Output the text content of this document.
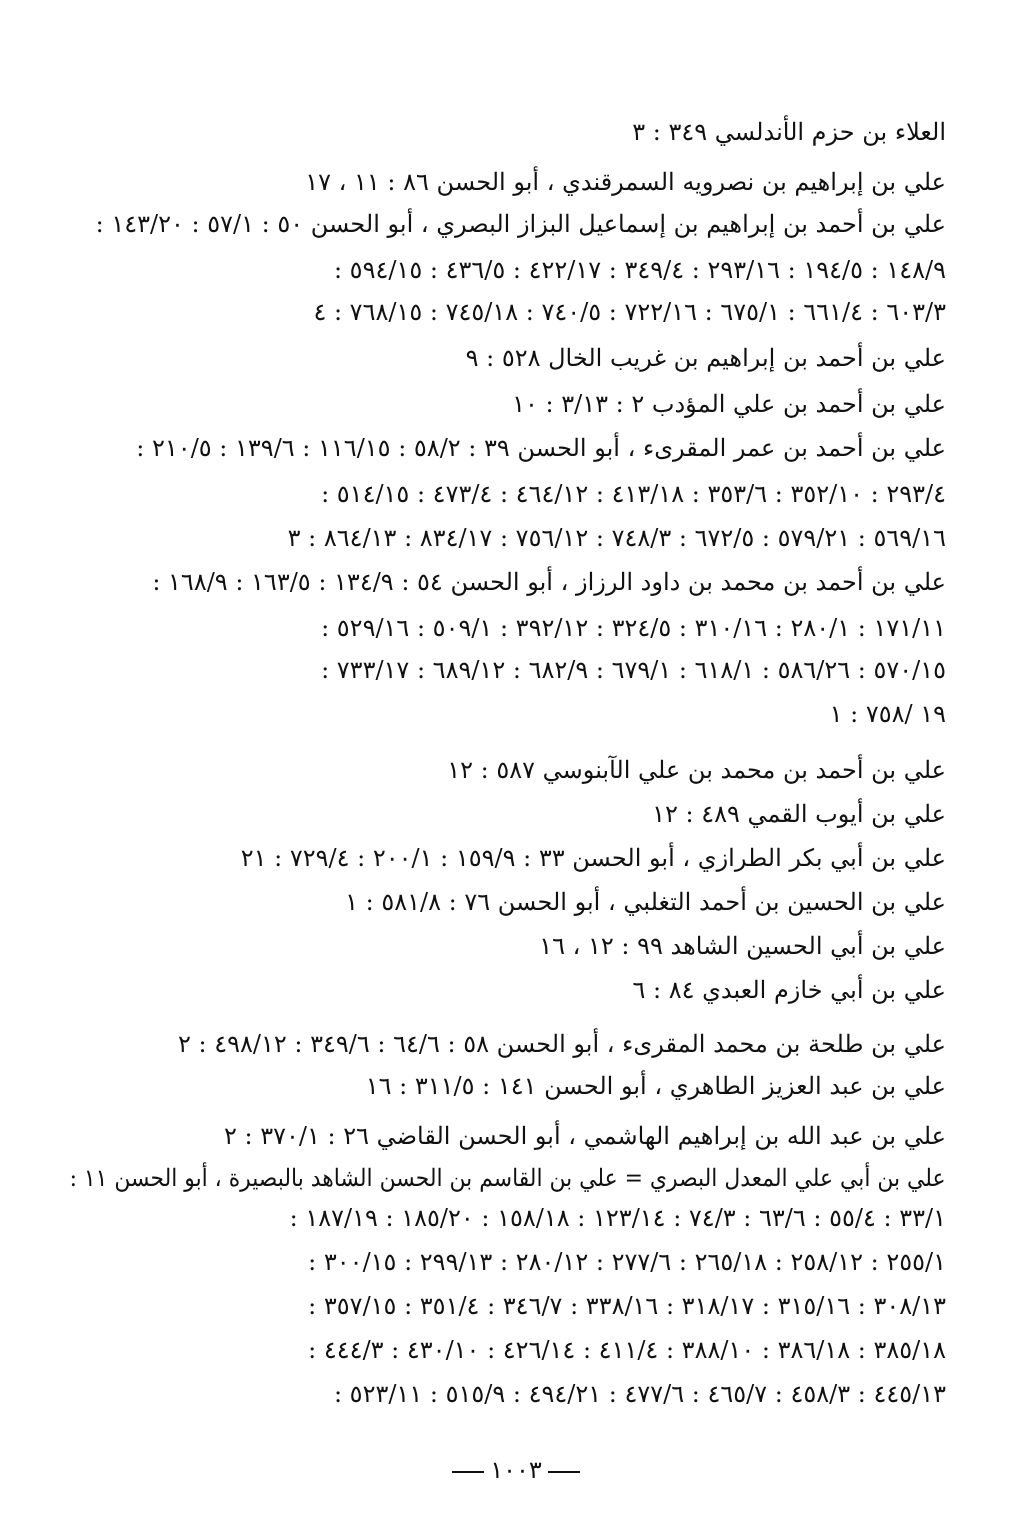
العلاء بن حزم الأندلسي ٣٤٩ : ٣
علي بن إبراهيم بن نصرويه السمرقندي ، أبو الحسن ٨٦ : ١١ ، ١٧
علي بن أحمد بن إبراهيم بن إسماعيل البزاز البصري ، أبو الحسن ٥٠ : ٥٧/١ : ١٤٣/٢٠ :
١٤٨/٩ : ١٩٤/٥ : ٢٩٣/١٦ : ٣٤٩/٤ : ٤٢٢/١٧ : ٤٣٦/٥ : ٥٩٤/١٥ :
٦٠٣/٣ : ٦٦١/٤ : ٦٧٥/١ : ٧٢٢/١٦ : ٧٤٠/٥ : ٧٤٥/١٨ : ٧٦٨/١٥ : ٤
علي بن أحمد بن إبراهيم بن غريب الخال ٥٢٨ : ٩
علي بن أحمد بن علي المؤدب ٢ : ٣/١٣ : ١٠
علي بن أحمد بن عمر المقرىء ، أبو الحسن ٣٩ : ٥٨/٢ : ١١٦/١٥ : ١٣٩/٦ : ٢١٠/٥ :
٢٩٣/٤ : ٣٥٢/١٠ : ٣٥٣/٦ : ٤١٣/١٨ : ٤٦٤/١٢ : ٤٧٣/٤ : ٥١٤/١٥ :
٥٦٩/١٦ : ٥٧٩/٢١ : ٦٧٢/٥ : ٧٤٨/٣ : ٧٥٦/١٢ : ٨٣٤/١٧ : ٨٦٤/١٣ : ٣
علي بن أحمد بن محمد بن داود الرزاز ، أبو الحسن ٥٤ : ١٣٤/٩ : ١٦٣/٥ : ١٦٨/٩ :
١٧١/١١ : ٢٨٠/١ : ٣١٠/١٦ : ٣٢٤/٥ : ٣٩٢/١٢ : ٥٠٩/١ : ٥٢٩/١٦ :
٥٧٠/١٥ : ٥٨٦/٢٦ : ٦١٨/١ : ٦٧٩/١ : ٦٨٢/٩ : ٦٨٩/١٢ : ٧٣٣/١٧ :
١٩ /٧٥٨ : ١
علي بن أحمد بن محمد بن علي الآبنوسي ٥٨٧ : ١٢
علي بن أيوب القمي ٤٨٩ : ١٢
علي بن أبي بكر الطرازي ، أبو الحسن ٣٣ : ١٥٩/٩ : ٢٠٠/١ : ٧٢٩/٤ : ٢١
علي بن الحسين بن أحمد التغلبي ، أبو الحسن ٧٦ : ٥٨١/٨ : ١
علي بن أبي الحسين الشاهد ٩٩ : ١٢ ، ١٦
علي بن أبي خازم العبدي ٨٤ : ٦
علي بن طلحة بن محمد المقرىء ، أبو الحسن ٥٨ : ٦٤/٦ : ٣٤٩/٦ : ٤٩٨/١٢ : ٢
علي بن عبد العزيز الطاهري ، أبو الحسن ١٤١ : ٣١١/٥ : ١٦
علي بن عبد الله بن إبراهيم الهاشمي ، أبو الحسن القاضي ٢٦ : ٣٧٠/١ : ٢
علي بن أبي علي المعدل البصري = علي بن القاسم بن الحسن الشاهد بالبصيرة ، أبو الحسن ١١ :
٣٣/١ : ٥٥/٤ : ٦٣/٦ : ٧٤/٣ : ١٢٣/١٤ : ١٥٨/١٨ : ١٨٥/٢٠ : ١٨٧/١٩ :
٢٥٥/١ : ٢٥٨/١٢ : ٢٦٥/١٨ : ٢٧٧/٦ : ٢٨٠/١٢ : ٢٩٩/١٣ : ٣٠٠/١٥ :
٣٠٨/١٣ : ٣١٥/١٦ : ٣١٨/١٧ : ٣٣٨/١٦ : ٣٤٦/٧ : ٣٥١/٤ : ٣٥٧/١٥ :
٣٨٥/١٨ : ٣٨٦/١٨ : ٣٨٨/١٠ : ٤١١/٤ : ٤٢٦/١٤ : ٤٣٠/١٠ : ٤٤٤/٣ :
٤٤٥/١٣ : ٤٥٨/٣ : ٤٦٥/٧ : ٤٧٧/٦ : ٤٩٤/٢١ : ٥١٥/٩ : ٥٢٣/١١ :
١٠٠٣
